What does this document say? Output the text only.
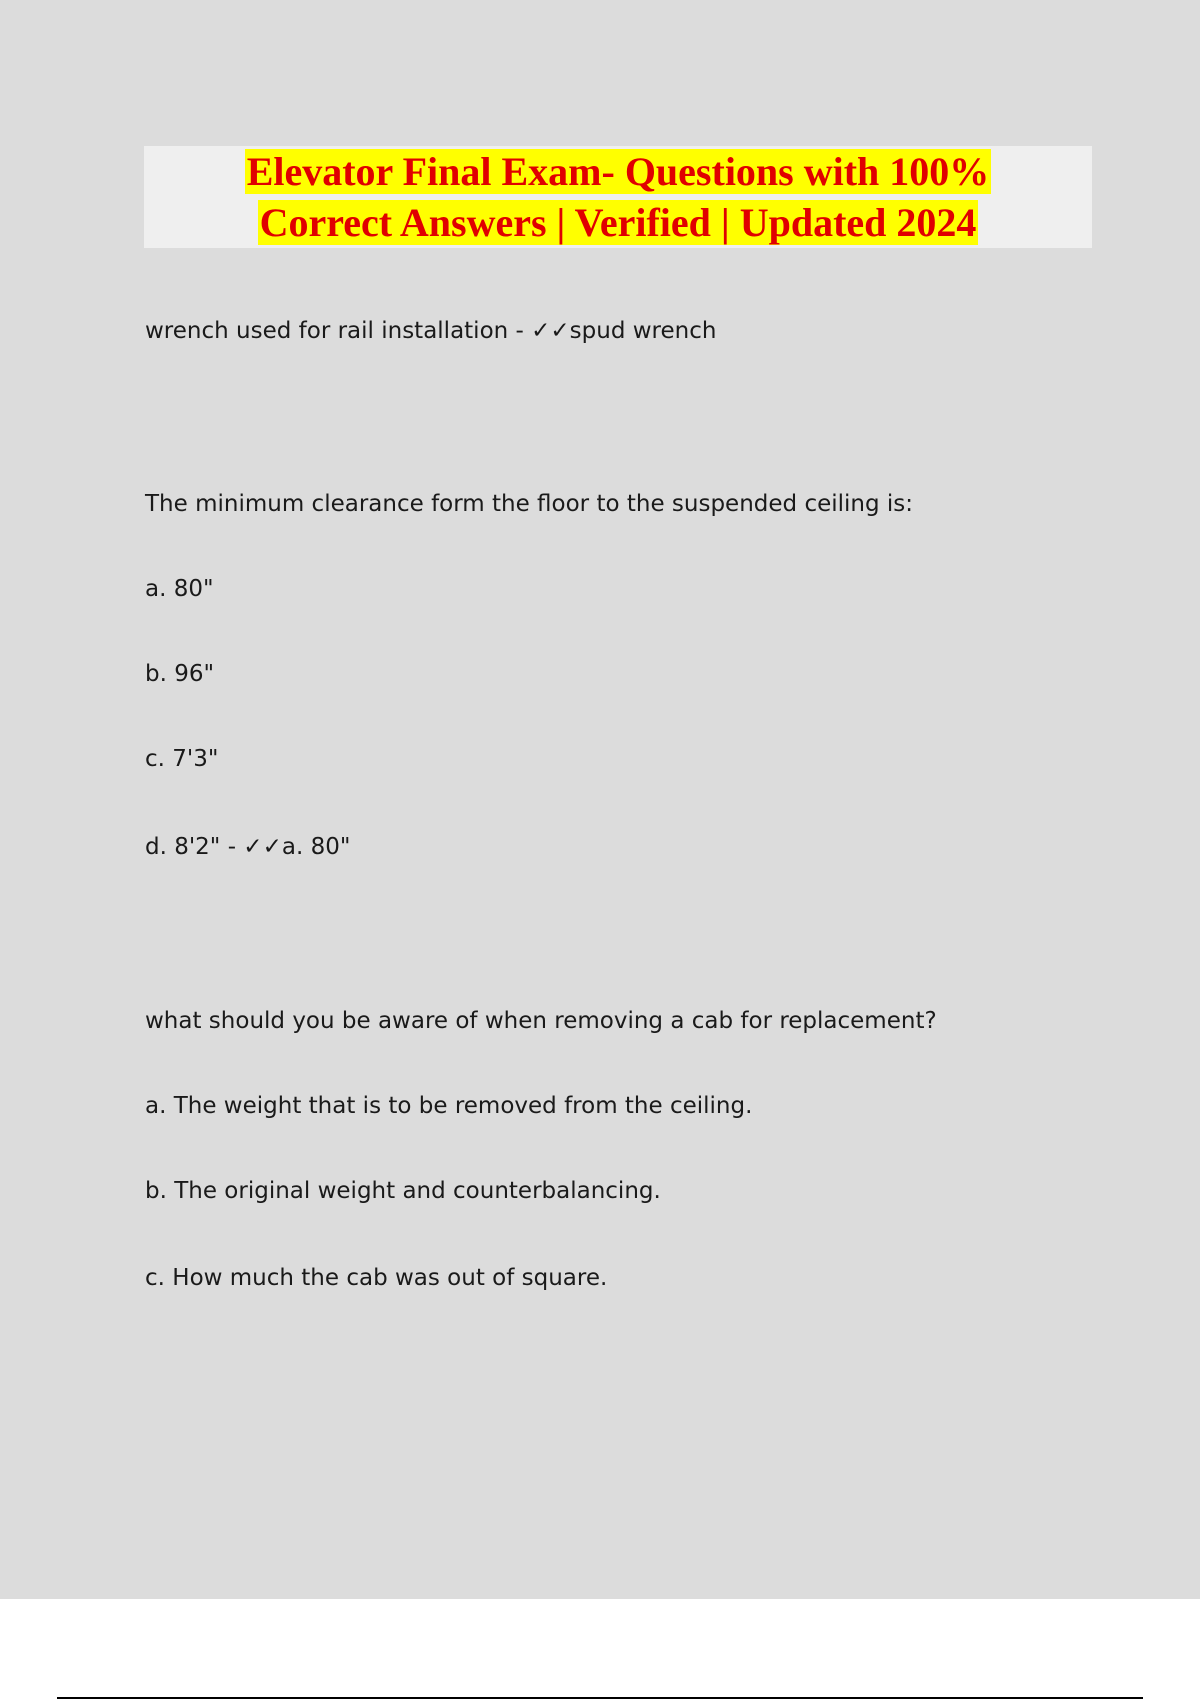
Elevator Final Exam- Questions with 100%
Correct Answers | Verified | Updated 2024
wrench used for rail installation - ✓✓spud wrench
The minimum clearance form the floor to the suspended ceiling is:
a. 80"
b. 96"
c. 7'3"
d. 8'2" - ✓✓a. 80"
what should you be aware of when removing a cab for replacement?
a. The weight that is to be removed from the ceiling.
b. The original weight and counterbalancing.
c. How much the cab was out of square.
